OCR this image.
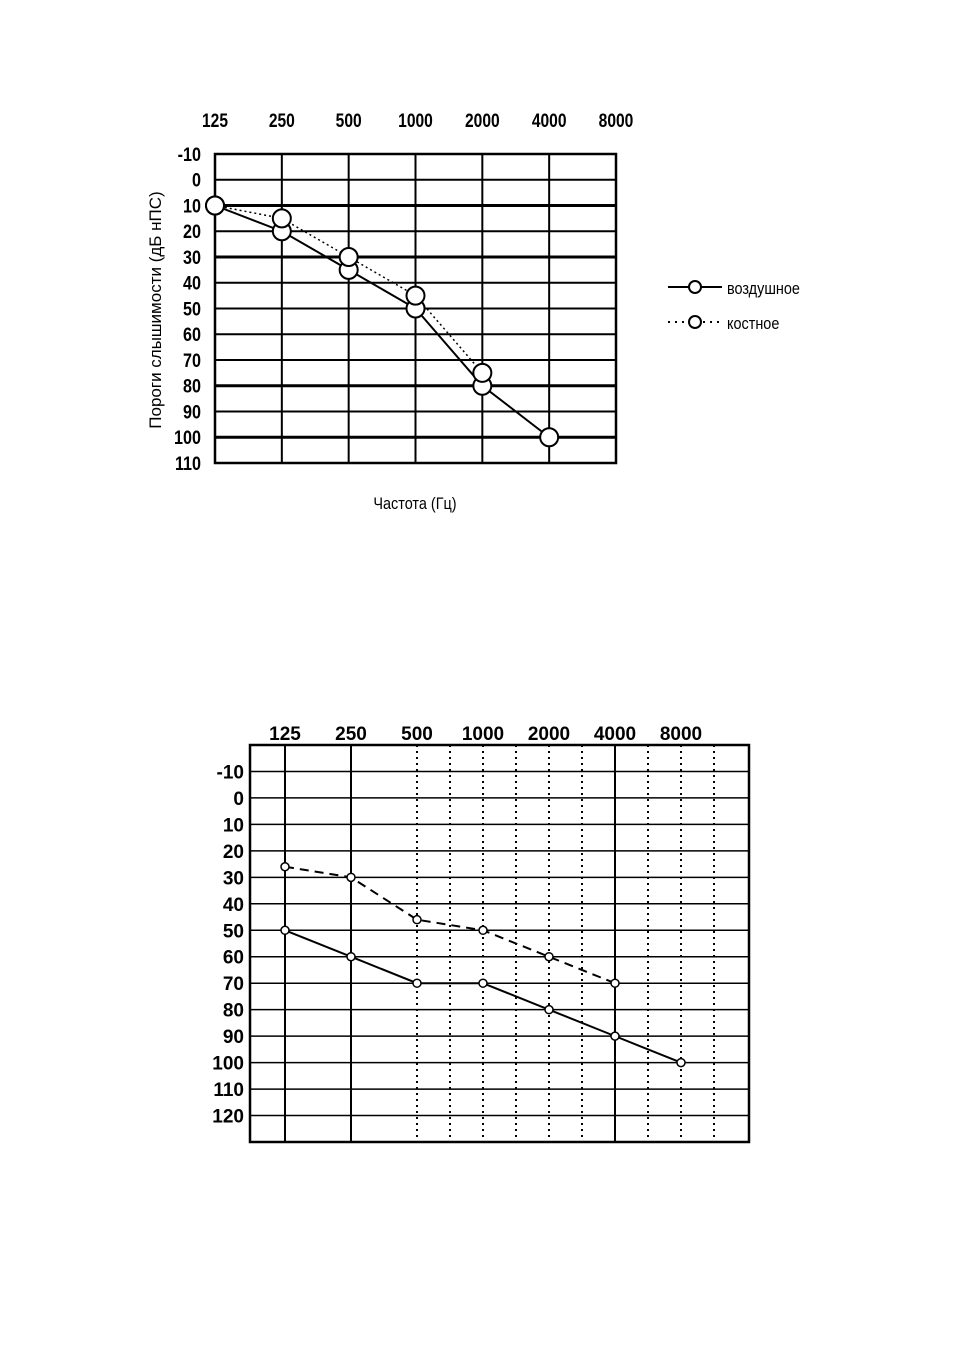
125 250 500 1000 2000 4000 8000
-10
0
10
20
30
40
50
60
70
80
90
100
110
Пороги слышимости (дБ нПС)
Частота (Гц)
воздушное
костное
125 250 500 1000 2000 4000 8000
-10
0
10
20
30
40
50
60
70
80
90
100
110
120
